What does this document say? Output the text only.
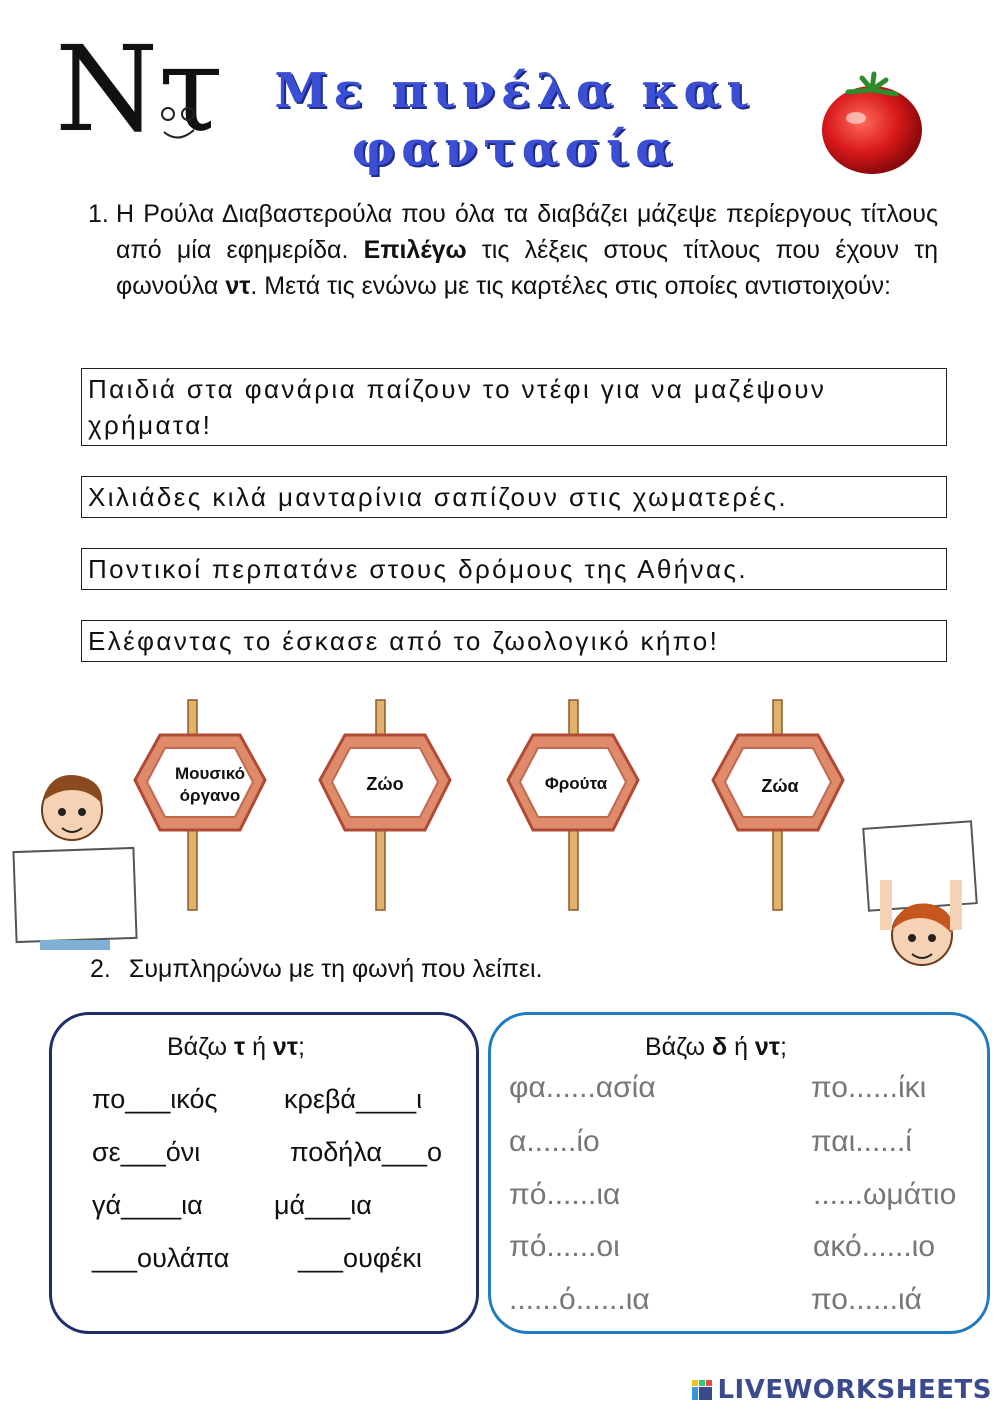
Ντ	Με πινέλα και
φαντασία
1. Η Ρούλα Διαβαστερούλα που όλα τα διαβάζει μάζεψε περίεργους τίτλους από μία εφημερίδα. Επιλέγω τις λέξεις στους τίτλους που έχουν τη φωνούλα ντ. Μετά τις ενώνω με τις καρτέλες στις οποίες αντιστοιχούν:
Παιδιά στα φανάρια παίζουν το ντέφι για να μαζέψουν χρήματα!
Χιλιάδες κιλά μανταρίνια σαπίζουν στις χωματερές.
Ποντικοί περπατάνε στους δρόμους της Αθήνας.
Ελέφαντας το έσκασε από το ζωολογικό κήπο!
Μουσικό
όργανο
Ζώο	Φρούτα	Ζώα
2. Συμπληρώνω με τη φωνή που λείπει.
Βάζω τ ή ντ;
πο___ικός κρεβά____ι
σε___όνι	ποδήλα___ο
γά____ια	μά___ια
___ουλάπα	___ουφέκι
Βάζω δ ή ντ;
φα......ασία	πο......ίκι
α......ίο	παι......ί
πό......ια	......ωμάτιο
πό......οι	ακό......ιο
......ό......ια	πο......ιά
LIVEWORKSHEETS
